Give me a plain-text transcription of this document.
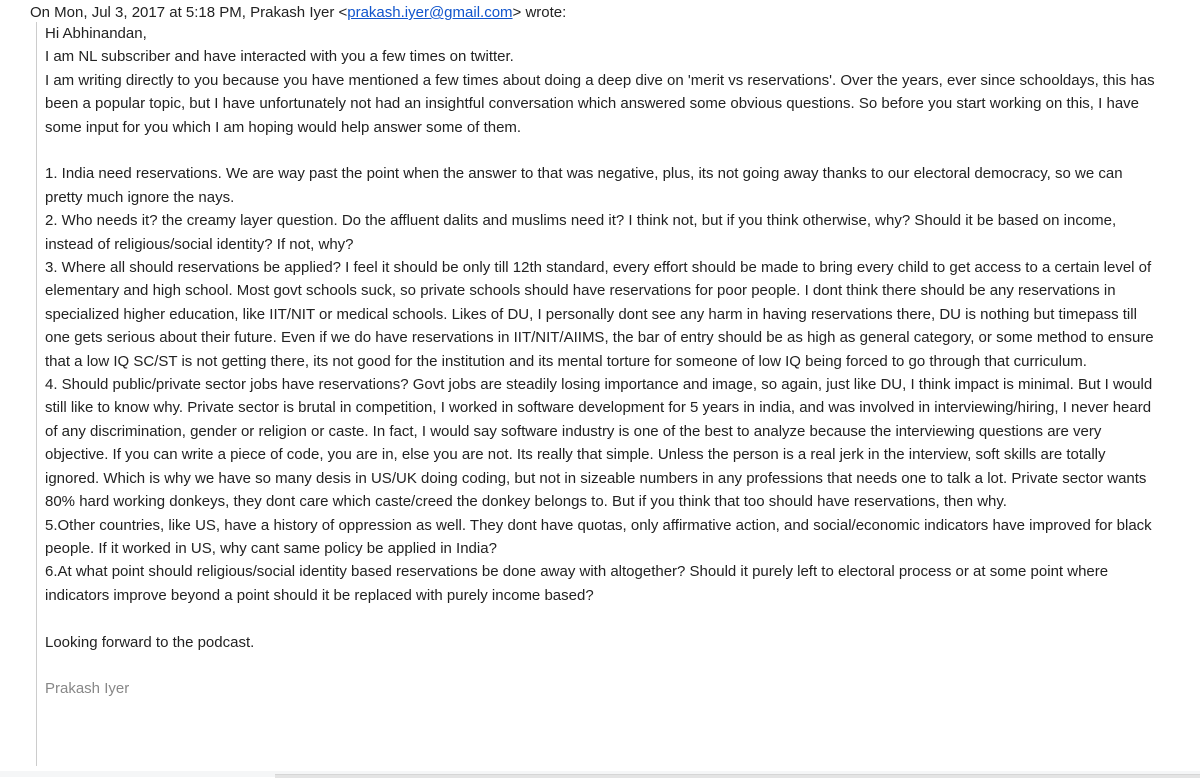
On Mon, Jul 3, 2017 at 5:18 PM, Prakash Iyer <prakash.iyer@gmail.com> wrote:

Hi Abhinandan,

I am NL subscriber and have interacted with you a few times on twitter.

I am writing directly to you because you have mentioned a few times about doing a deep dive on 'merit vs reservations'. Over the years, ever since schooldays, this has been a popular topic, but I have unfortunately not had an insightful conversation which answered some obvious questions. So before you start working on this, I have some input for you which I am hoping would help answer some of them.

1. India need reservations. We are way past the point when the answer to that was negative, plus, its not going away thanks to our electoral democracy, so we can pretty much ignore the nays.

2. Who needs it? the creamy layer question. Do the affluent dalits and muslims need it? I think not, but if you think otherwise, why? Should it be based on income, instead of religious/social identity? If not, why?

3. Where all should reservations be applied? I feel it should be only till 12th standard, every effort should be made to bring every child to get access to a certain level of elementary and high school. Most govt schools suck, so private schools should have reservations for poor people. I dont think there should be any reservations in specialized higher education, like IIT/NIT or medical schools. Likes of DU, I personally dont see any harm in having reservations there, DU is nothing but timepass till one gets serious about their future. Even if we do have reservations in IIT/NIT/AIIMS, the bar of entry should be as high as general category, or some method to ensure that a low IQ SC/ST is not getting there, its not good for the institution and its mental torture for someone of low IQ being forced to go through that curriculum.

4. Should public/private sector jobs have reservations? Govt jobs are steadily losing importance and image, so again, just like DU, I think impact is minimal. But I would still like to know why. Private sector is brutal in competition, I worked in software development for 5 years in india, and was involved in interviewing/hiring, I never heard of any discrimination, gender or religion or caste. In fact, I would say software industry is one of the best to analyze because the interviewing questions are very objective. If you can write a piece of code, you are in, else you are not. Its really that simple. Unless the person is a real jerk in the interview, soft skills are totally ignored. Which is why we have so many desis in US/UK doing coding, but not in sizeable numbers in any professions that needs one to talk a lot. Private sector wants 80% hard working donkeys, they dont care which caste/creed the donkey belongs to. But if you think that too should have reservations, then why.

5.Other countries, like US, have a history of oppression as well. They dont have quotas, only affirmative action, and social/economic indicators have improved for black people. If it worked in US, why cant same policy be applied in India?

6.At what point should religious/social identity based reservations be done away with altogether? Should it purely left to electoral process or at some point where indicators improve beyond a point should it be replaced with purely income based?

Looking forward to the podcast.

Prakash Iyer
